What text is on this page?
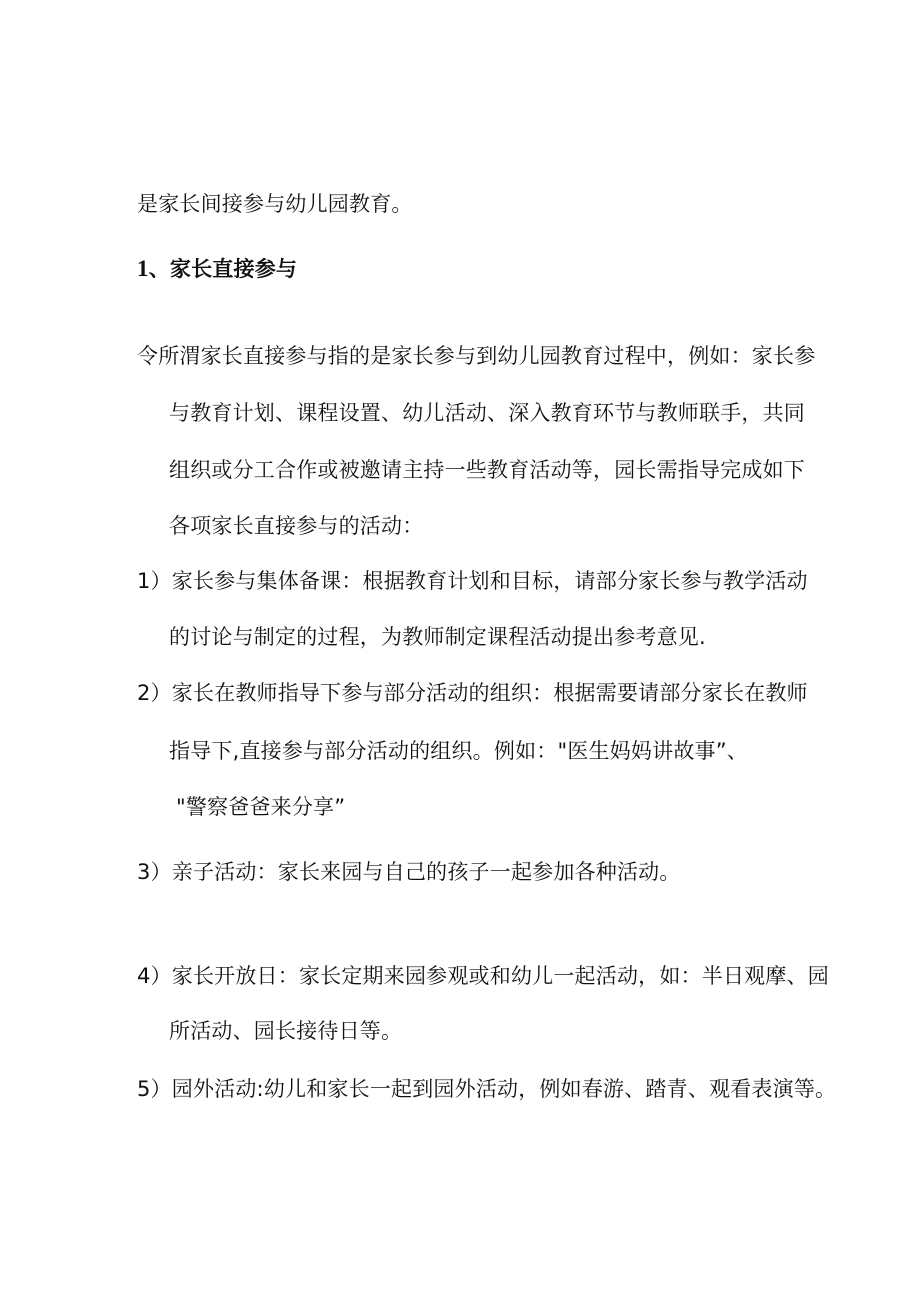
是家长间接参与幼儿园教育。
1、家长直接参与
令所渭家长直接参与指的是家长参与到幼儿园教育过程中，例如：家长参
与教育计划、课程设置、幼儿活动、深入教育环节与教师联手，共同
组织或分工合作或被邀请主持一些教育活动等，园长需指导完成如下
各项家长直接参与的活动：
1）家长参与集体备课：根据教育计划和目标，请部分家长参与教学活动
的讨论与制定的过程，为教师制定课程活动提出参考意见.
2）家长在教师指导下参与部分活动的组织：根据需要请部分家长在教师
指导下,直接参与部分活动的组织。例如："医生妈妈讲故事”、
"警察爸爸来分享”
3）亲子活动：家长来园与自己的孩子一起参加各种活动。
4）家长开放日：家长定期来园参观或和幼儿一起活动，如：半日观摩、园
所活动、园长接待日等。
5）园外活动:幼儿和家长一起到园外活动，例如春游、踏青、观看表演等。
